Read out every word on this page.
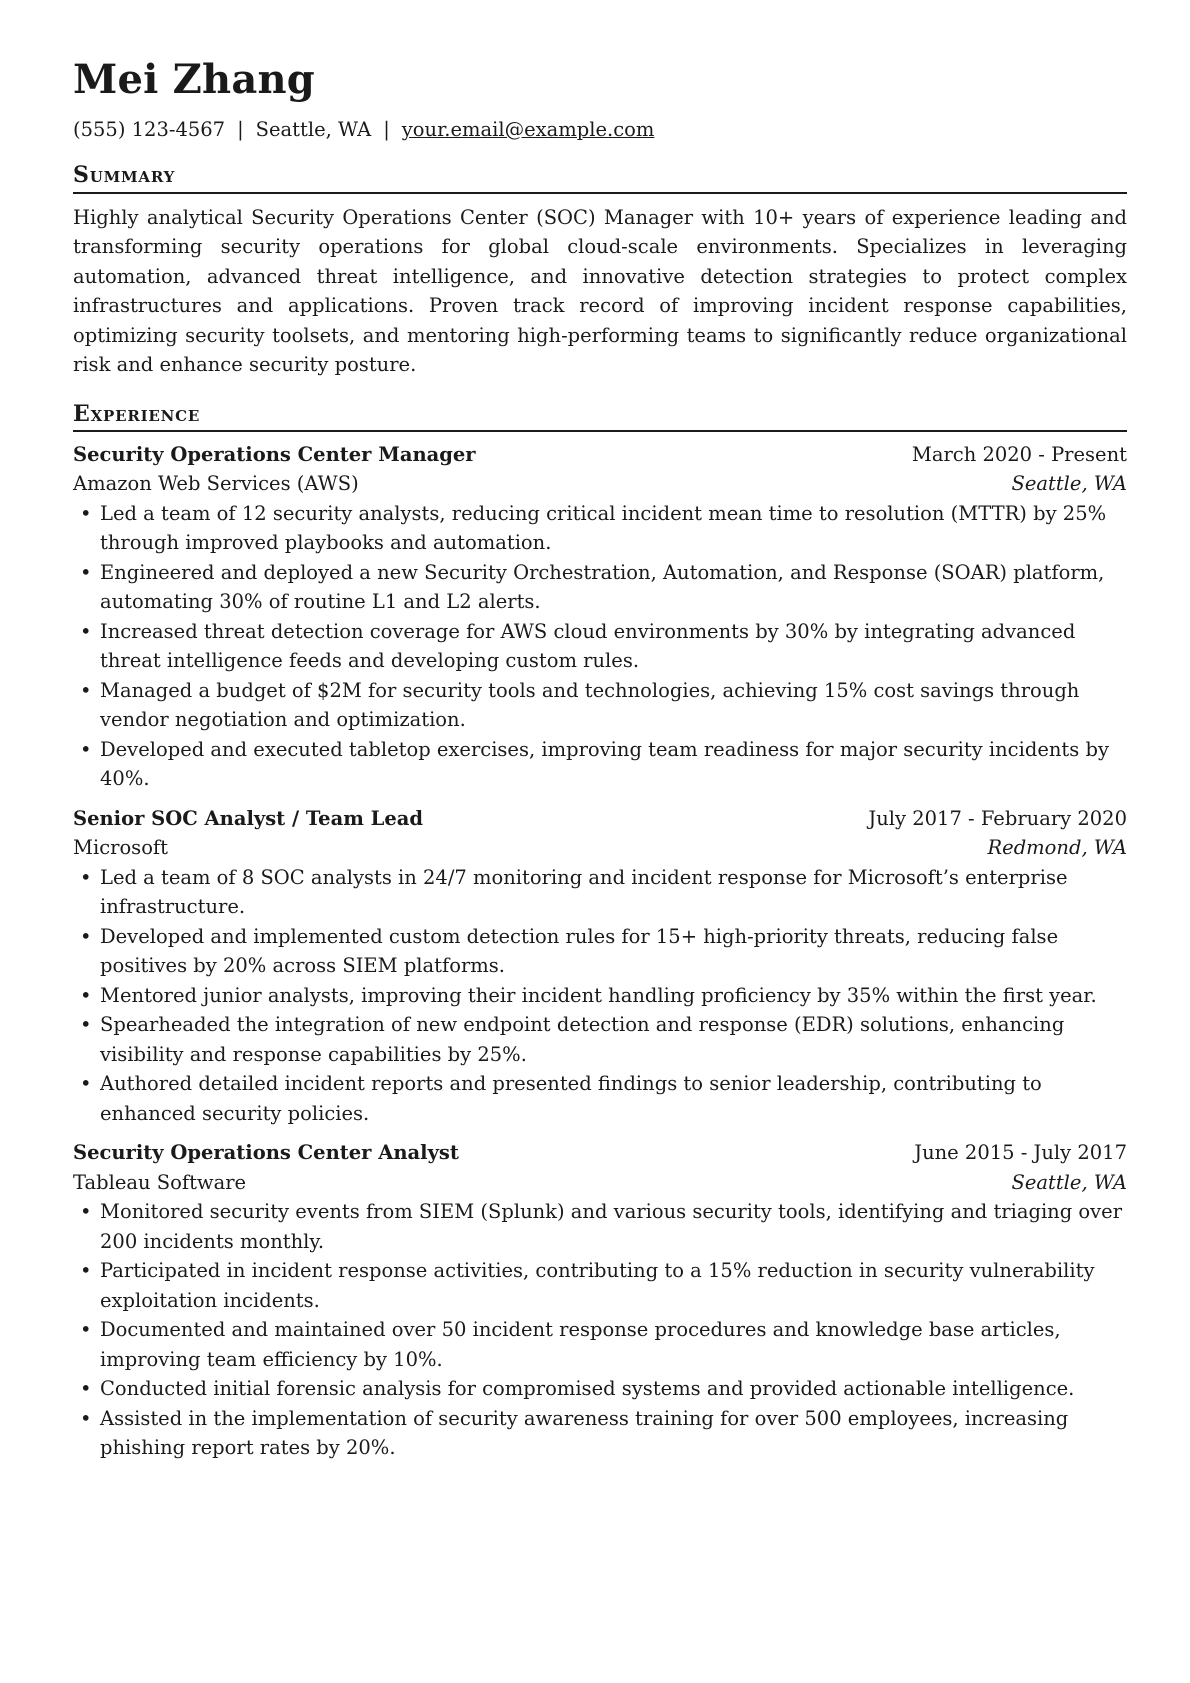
Mei Zhang
(555) 123-4567 | Seattle, WA | your.email@example.com
Summary
Highly analytical Security Operations Center (SOC) Manager with 10+ years of experience leading and transforming security operations for global cloud-scale environments. Specializes in leveraging automation, advanced threat intelligence, and innovative detection strategies to protect complex infrastructures and applications. Proven track record of improving incident response capabilities, optimizing security toolsets, and mentoring high-performing teams to significantly reduce organizational risk and enhance security posture.
Experience
Security Operations Center Manager	March 2020 - Present
Amazon Web Services (AWS)	Seattle, WA
• Led a team of 12 security analysts, reducing critical incident mean time to resolution (MTTR) by 25% through improved playbooks and automation.
• Engineered and deployed a new Security Orchestration, Automation, and Response (SOAR) platform, automating 30% of routine L1 and L2 alerts.
• Increased threat detection coverage for AWS cloud environments by 30% by integrating advanced threat intelligence feeds and developing custom rules.
• Managed a budget of $2M for security tools and technologies, achieving 15% cost savings through vendor negotiation and optimization.
• Developed and executed tabletop exercises, improving team readiness for major security incidents by 40%.
Senior SOC Analyst / Team Lead	July 2017 - February 2020
Microsoft	Redmond, WA
• Led a team of 8 SOC analysts in 24/7 monitoring and incident response for Microsoft’s enterprise infrastructure.
• Developed and implemented custom detection rules for 15+ high-priority threats, reducing false positives by 20% across SIEM platforms.
• Mentored junior analysts, improving their incident handling proficiency by 35% within the first year.
• Spearheaded the integration of new endpoint detection and response (EDR) solutions, enhancing visibility and response capabilities by 25%.
• Authored detailed incident reports and presented findings to senior leadership, contributing to enhanced security policies.
Security Operations Center Analyst	June 2015 - July 2017
Tableau Software	Seattle, WA
• Monitored security events from SIEM (Splunk) and various security tools, identifying and triaging over 200 incidents monthly.
• Participated in incident response activities, contributing to a 15% reduction in security vulnerability exploitation incidents.
• Documented and maintained over 50 incident response procedures and knowledge base articles, improving team efficiency by 10%.
• Conducted initial forensic analysis for compromised systems and provided actionable intelligence.
• Assisted in the implementation of security awareness training for over 500 employees, increasing phishing report rates by 20%.
